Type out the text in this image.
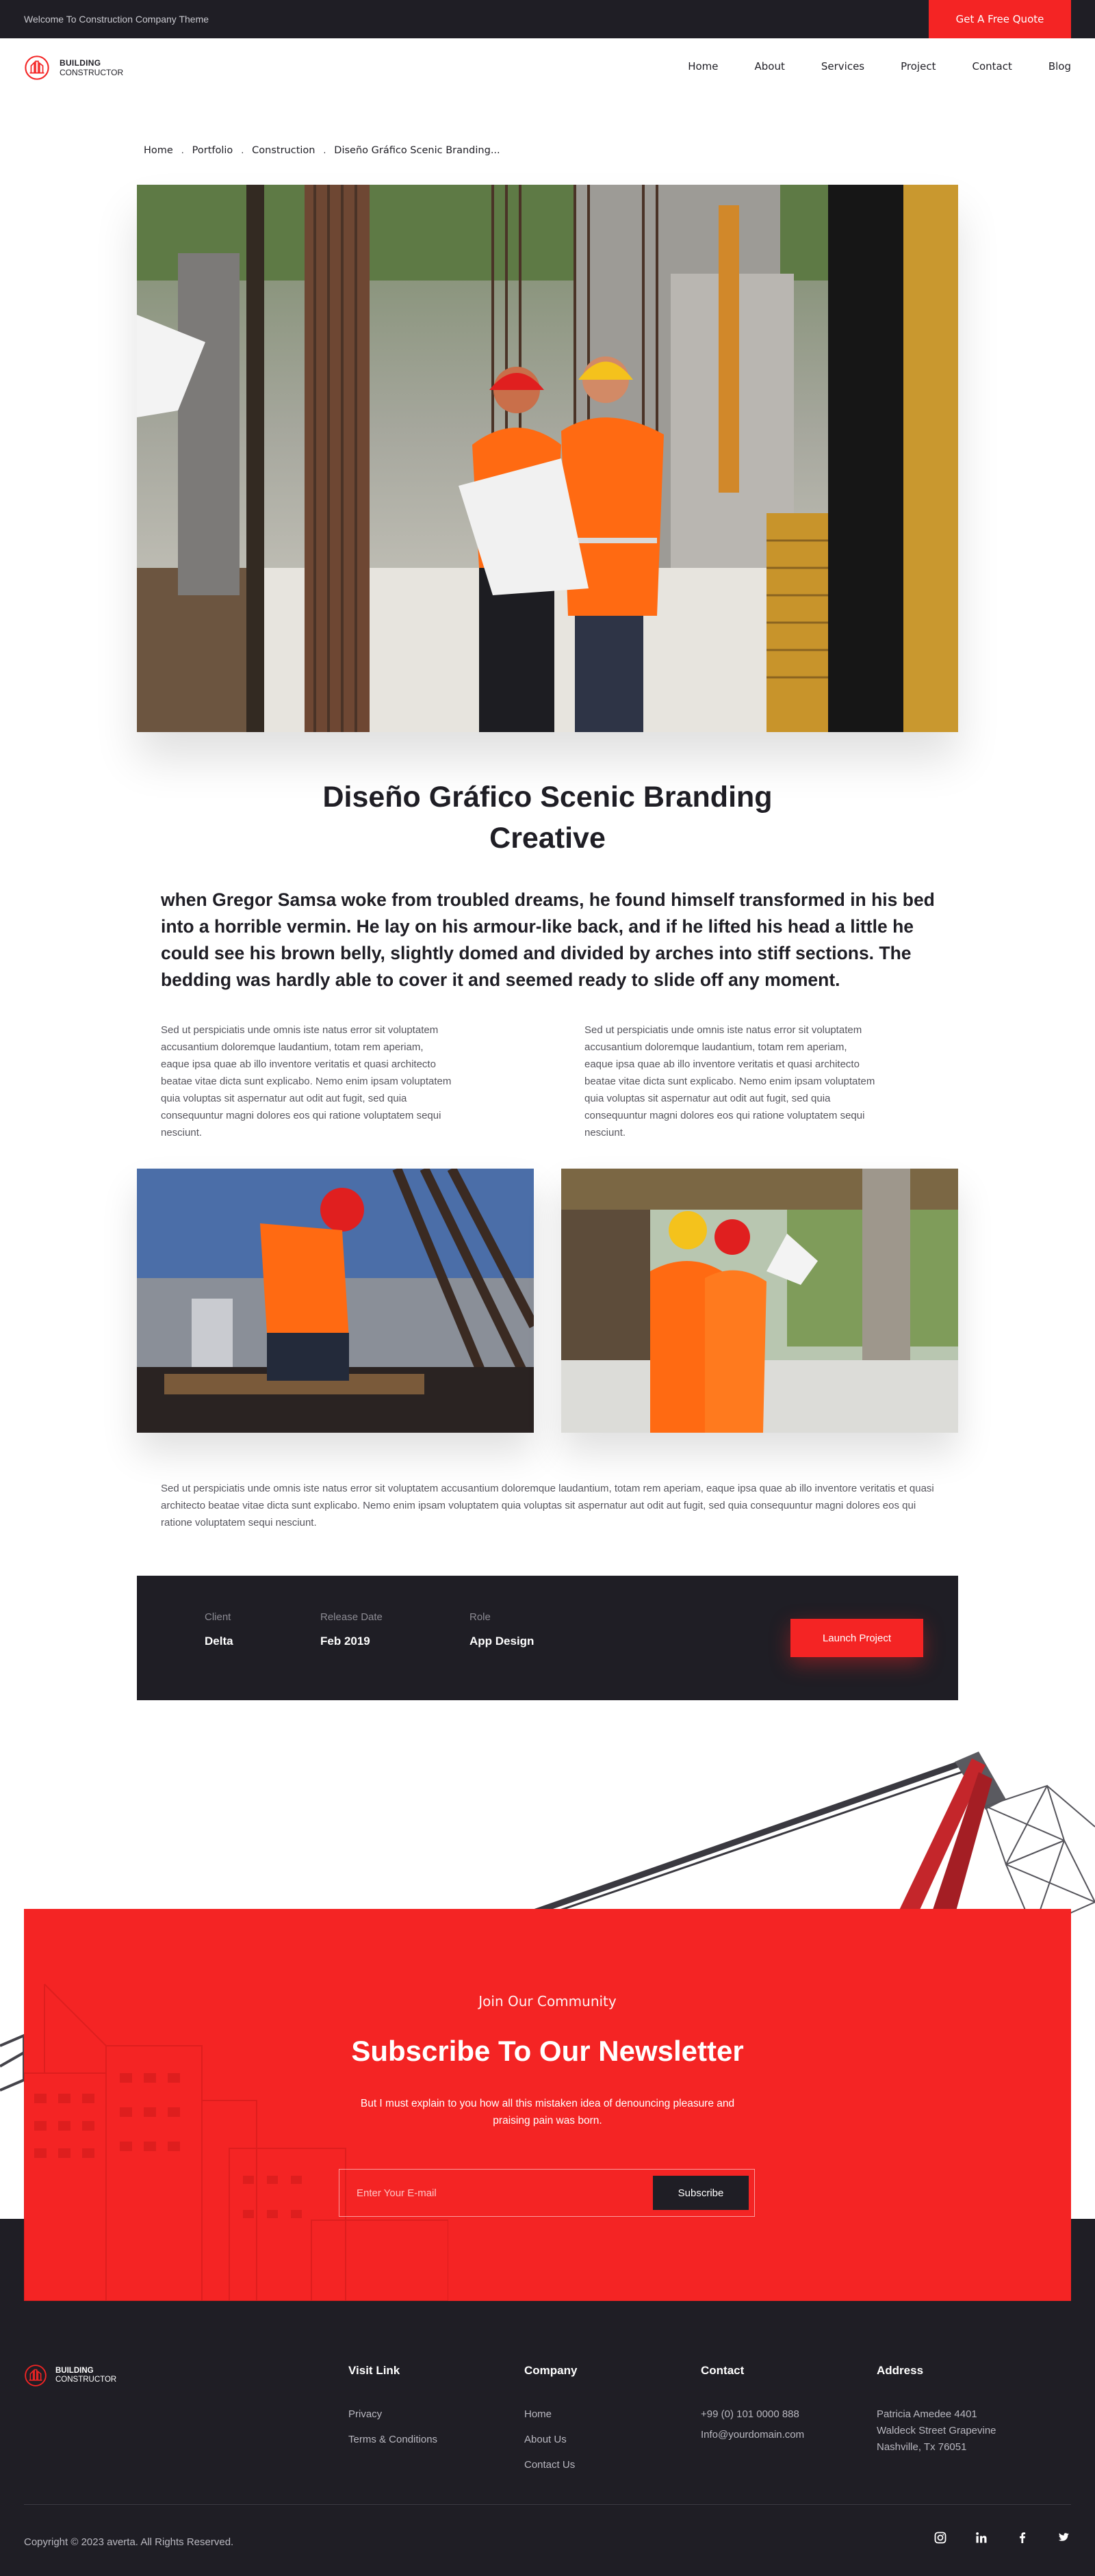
Welcome To Construction Company Theme	Get A Free Quote
BUILDING
CONSTRUCTOR	Home	About	Services	Project	Contact	Blog
Home . Portfolio . Construction . Diseño Gráfico Scenic Branding...
Diseño Gráfico Scenic Branding Creative

when Gregor Samsa woke from troubled dreams, he found himself transformed in his bed into a horrible vermin. He lay on his armour-like back, and if he lifted his head a little he could see his brown belly, slightly domed and divided by arches into stiff sections. The bedding was hardly able to cover it and seemed ready to slide off any moment.

Sed ut perspiciatis unde omnis iste natus error sit voluptatem accusantium doloremque laudantium, totam rem aperiam, eaque ipsa quae ab illo inventore veritatis et quasi architecto beatae vitae dicta sunt explicabo. Nemo enim ipsam voluptatem quia voluptas sit aspernatur aut odit aut fugit, sed quia consequuntur magni dolores eos qui ratione voluptatem sequi nesciunt.

Sed ut perspiciatis unde omnis iste natus error sit voluptatem accusantium doloremque laudantium, totam rem aperiam, eaque ipsa quae ab illo inventore veritatis et quasi architecto beatae vitae dicta sunt explicabo. Nemo enim ipsam voluptatem quia voluptas sit aspernatur aut odit aut fugit, sed quia consequuntur magni dolores eos qui ratione voluptatem sequi nesciunt.

Sed ut perspiciatis unde omnis iste natus error sit voluptatem accusantium doloremque laudantium, totam rem aperiam, eaque ipsa quae ab illo inventore veritatis et quasi architecto beatae vitae dicta sunt explicabo. Nemo enim ipsam voluptatem quia voluptas sit aspernatur aut odit aut fugit, sed quia consequuntur magni dolores eos qui ratione voluptatem sequi nesciunt.

Client
Delta
Release Date
Feb 2019
Role
App Design	Launch Project

Join Our Community

Subscribe To Our Newsletter

But I must explain to you how all this mistaken idea of denouncing pleasure and praising pain was born.

Enter Your E-mail
Subscribe
BUILDING
CONSTRUCTOR
Visit Link
Privacy
Terms & Conditions
Company
Home
About Us
Contact Us
Contact
+99 (0) 101 0000 888
Info@yourdomain.com
Address

Patricia Amedee 4401

Waldeck Street Grapevine

Nashville, Tx 76051

Copyright © 2023 averta. All Rights Reserved.
